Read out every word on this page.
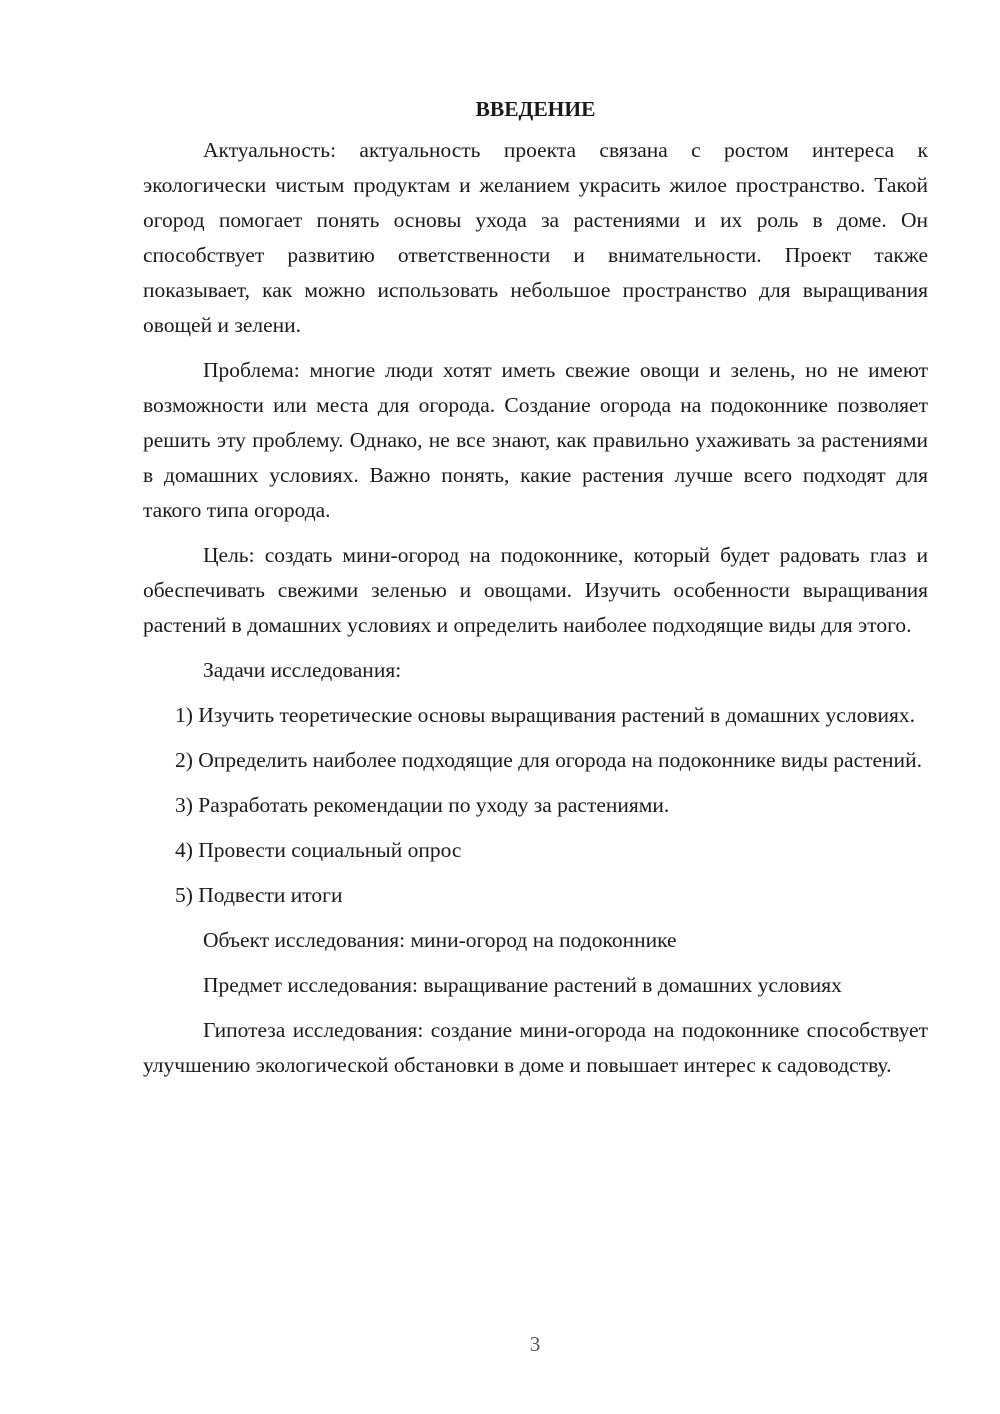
ВВЕДЕНИЕ

Актуальность: актуальность проекта связана с ростом интереса к экологически чистым продуктам и желанием украсить жилое пространство. Такой огород помогает понять основы ухода за растениями и их роль в доме. Он способствует развитию ответственности и внимательности. Проект также показывает, как можно использовать небольшое пространство для выращивания овощей и зелени.

Проблема: многие люди хотят иметь свежие овощи и зелень, но не имеют возможности или места для огорода. Создание огорода на подоконнике позволяет решить эту проблему. Однако, не все знают, как правильно ухаживать за растениями в домашних условиях. Важно понять, какие растения лучше всего подходят для такого типа огорода.

Цель: создать мини-огород на подоконнике, который будет радовать глаз и обеспечивать свежими зеленью и овощами. Изучить особенности выращивания растений в домашних условиях и определить наиболее подходящие виды для этого.

Задачи исследования:

1) Изучить теоретические основы выращивания растений в домашних условиях.

2) Определить наиболее подходящие для огорода на подоконнике виды растений.

3) Разработать рекомендации по уходу за растениями.

4) Провести социальный опрос

5) Подвести итоги

Объект исследования: мини-огород на подоконнике

Предмет исследования: выращивание растений в домашних условиях

Гипотеза исследования: создание мини-огорода на подоконнике способствует улучшению экологической обстановки в доме и повышает интерес к садоводству.

3
